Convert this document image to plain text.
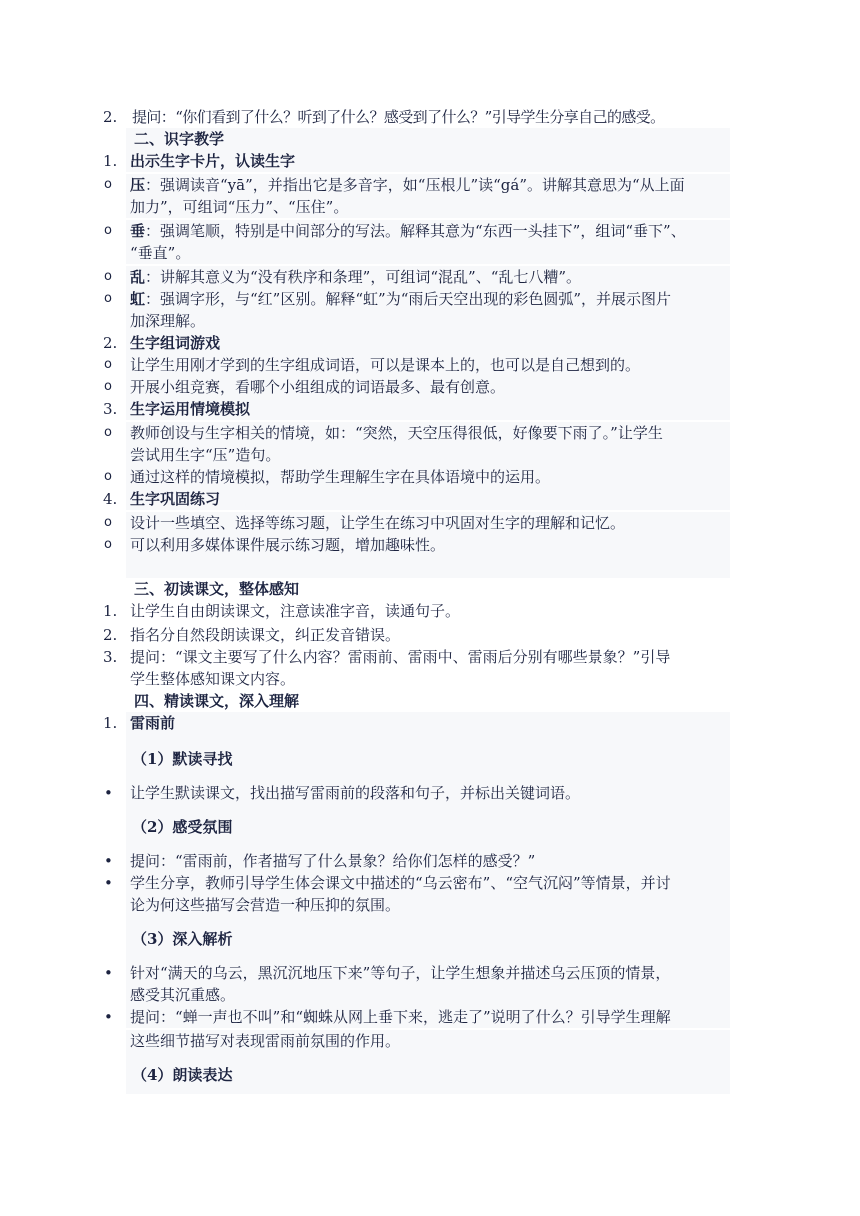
2. 提问：“你们看到了什么？听到了什么？感受到了什么？”引导学生分享自己的感受。
二、识字教学
1. 出示生字卡片，认读生字
o 压：强调读音“yā”，并指出它是多音字，如“压根儿”读“gá”。讲解其意思为“从上面
加力”，可组词“压力”、“压住”。
o 垂：强调笔顺，特别是中间部分的写法。解释其意为“东西一头挂下”，组词“垂下”、
“垂直”。
o 乱：讲解其意义为“没有秩序和条理”，可组词“混乱”、“乱七八糟”。
o 虹：强调字形，与“红”区别。解释“虹”为“雨后天空出现的彩色圆弧”，并展示图片
加深理解。
2. 生字组词游戏
o 让学生用刚才学到的生字组成词语，可以是课本上的，也可以是自己想到的。
o 开展小组竞赛，看哪个小组组成的词语最多、最有创意。
3. 生字运用情境模拟
o 教师创设与生字相关的情境，如：“突然，天空压得很低，好像要下雨了。”让学生
尝试用生字“压”造句。
o 通过这样的情境模拟，帮助学生理解生字在具体语境中的运用。
4. 生字巩固练习
o 设计一些填空、选择等练习题，让学生在练习中巩固对生字的理解和记忆。
o 可以利用多媒体课件展示练习题，增加趣味性。
三、初读课文，整体感知
1. 让学生自由朗读课文，注意读准字音，读通句子。
2. 指名分自然段朗读课文，纠正发音错误。
3. 提问：“课文主要写了什么内容？雷雨前、雷雨中、雷雨后分别有哪些景象？”引导
学生整体感知课文内容。
四、精读课文，深入理解
1. 雷雨前
（1）默读寻找
• 让学生默读课文，找出描写雷雨前的段落和句子，并标出关键词语。
（2）感受氛围
• 提问：“雷雨前，作者描写了什么景象？给你们怎样的感受？”
• 学生分享，教师引导学生体会课文中描述的“乌云密布”、“空气沉闷”等情景，并讨
论为何这些描写会营造一种压抑的氛围。
（3）深入解析
• 针对“满天的乌云，黑沉沉地压下来”等句子，让学生想象并描述乌云压顶的情景，
感受其沉重感。
• 提问：“蝉一声也不叫”和“蜘蛛从网上垂下来，逃走了”说明了什么？引导学生理解
这些细节描写对表现雷雨前氛围的作用。
（4）朗读表达
